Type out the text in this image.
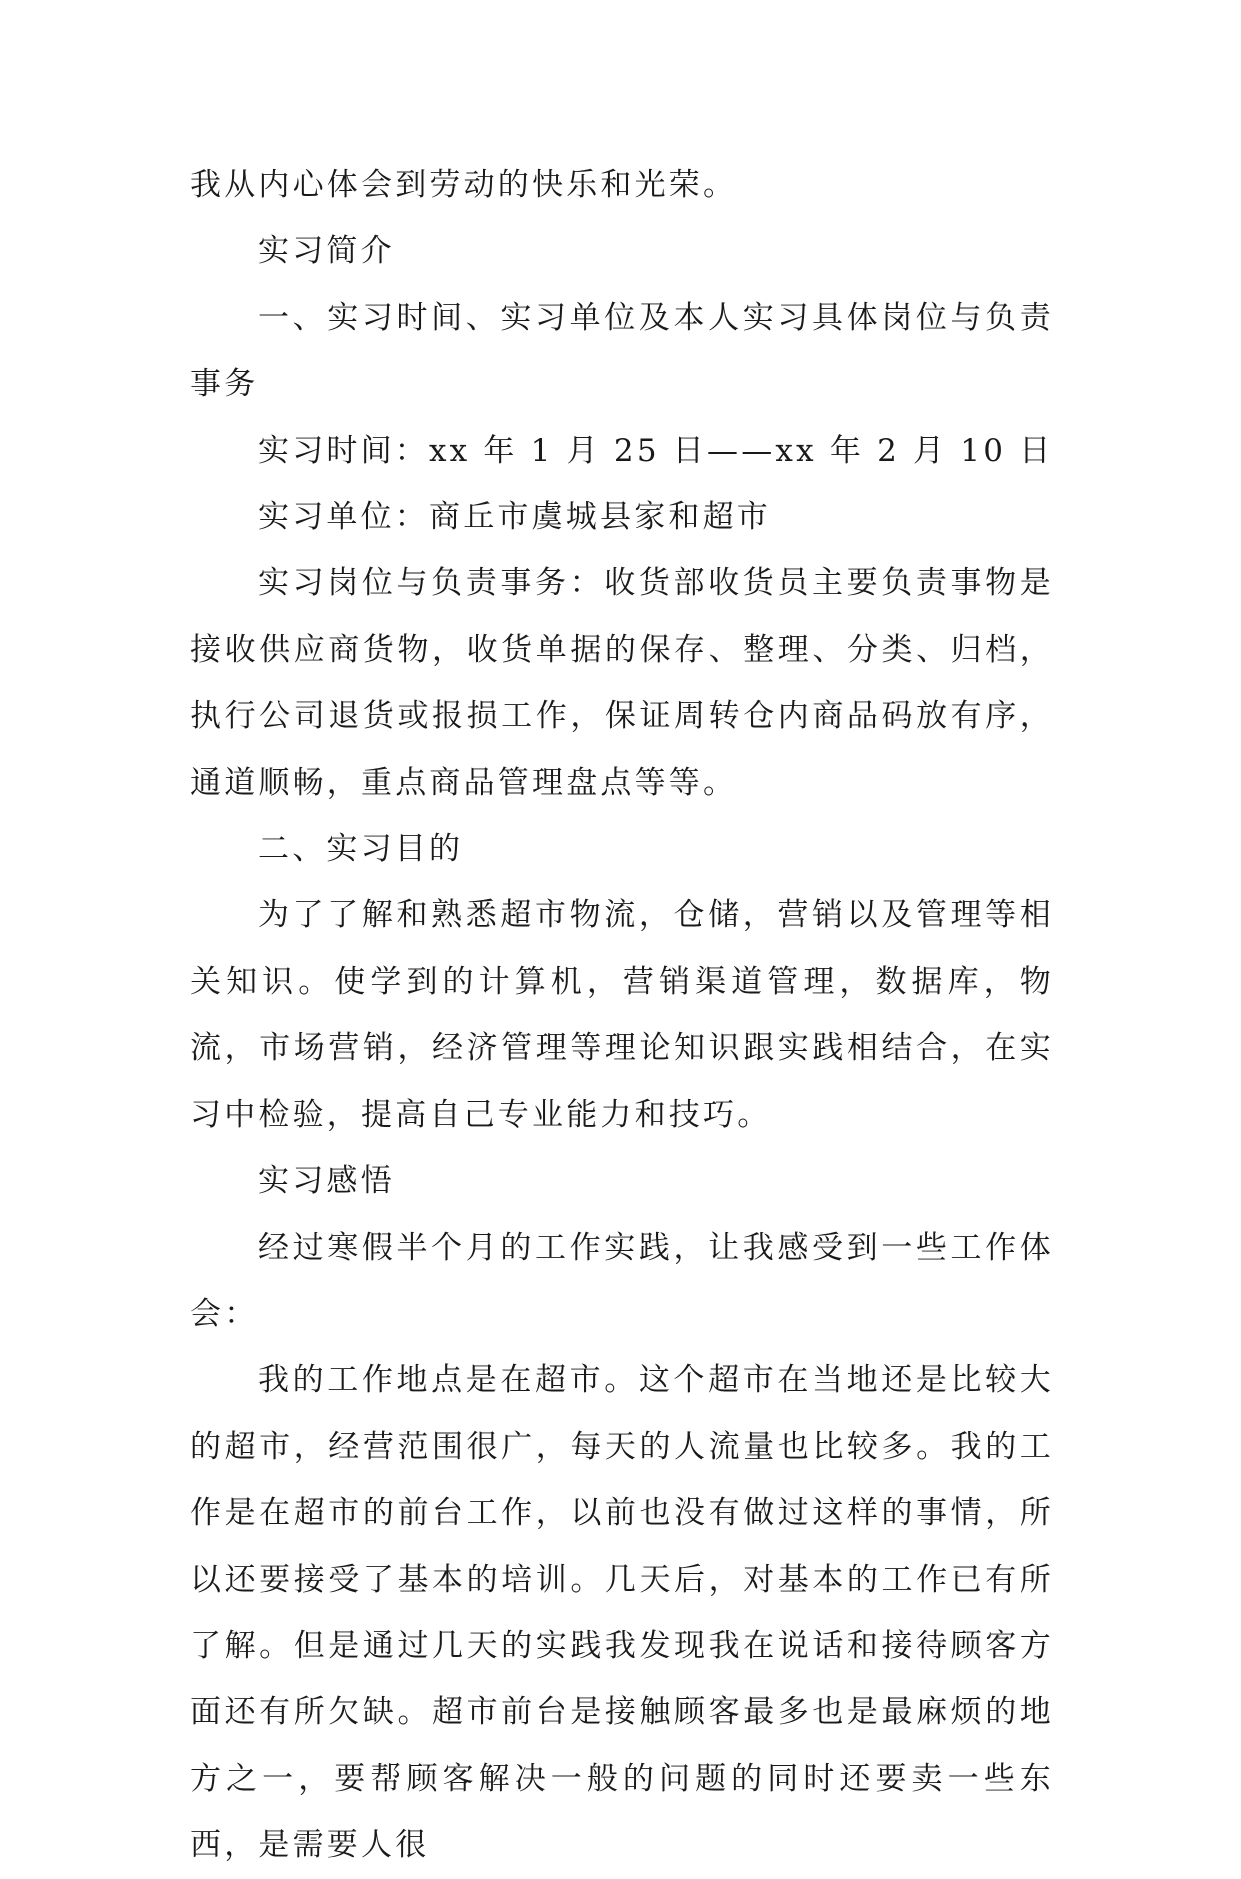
我从内心体会到劳动的快乐和光荣。

实习简介

一、实习时间、实习单位及本人实习具体岗位与负责事务

实习时间：xx 年 1 月 25 日——xx 年 2 月 10 日

实习单位：商丘市虞城县家和超市

实习岗位与负责事务：收货部收货员主要负责事物是接收供应商货物，收货单据的保存、整理、分类、归档，执行公司退货或报损工作，保证周转仓内商品码放有序，通道顺畅，重点商品管理盘点等等。

二、实习目的

为了了解和熟悉超市物流，仓储，营销以及管理等相关知识。使学到的计算机，营销渠道管理，数据库，物流，市场营销，经济管理等理论知识跟实践相结合，在实习中检验，提高自己专业能力和技巧。

实习感悟

经过寒假半个月的工作实践，让我感受到一些工作体会：

我的工作地点是在超市。这个超市在当地还是比较大的超市，经营范围很广，每天的人流量也比较多。我的工作是在超市的前台工作，以前也没有做过这样的事情，所以还要接受了基本的培训。几天后，对基本的工作已有所了解。但是通过几天的实践我发现我在说话和接待顾客方面还有所欠缺。超市前台是接触顾客最多也是最麻烦的地方之一，要帮顾客解决一般的问题的同时还要卖一些东西，是需要人很
